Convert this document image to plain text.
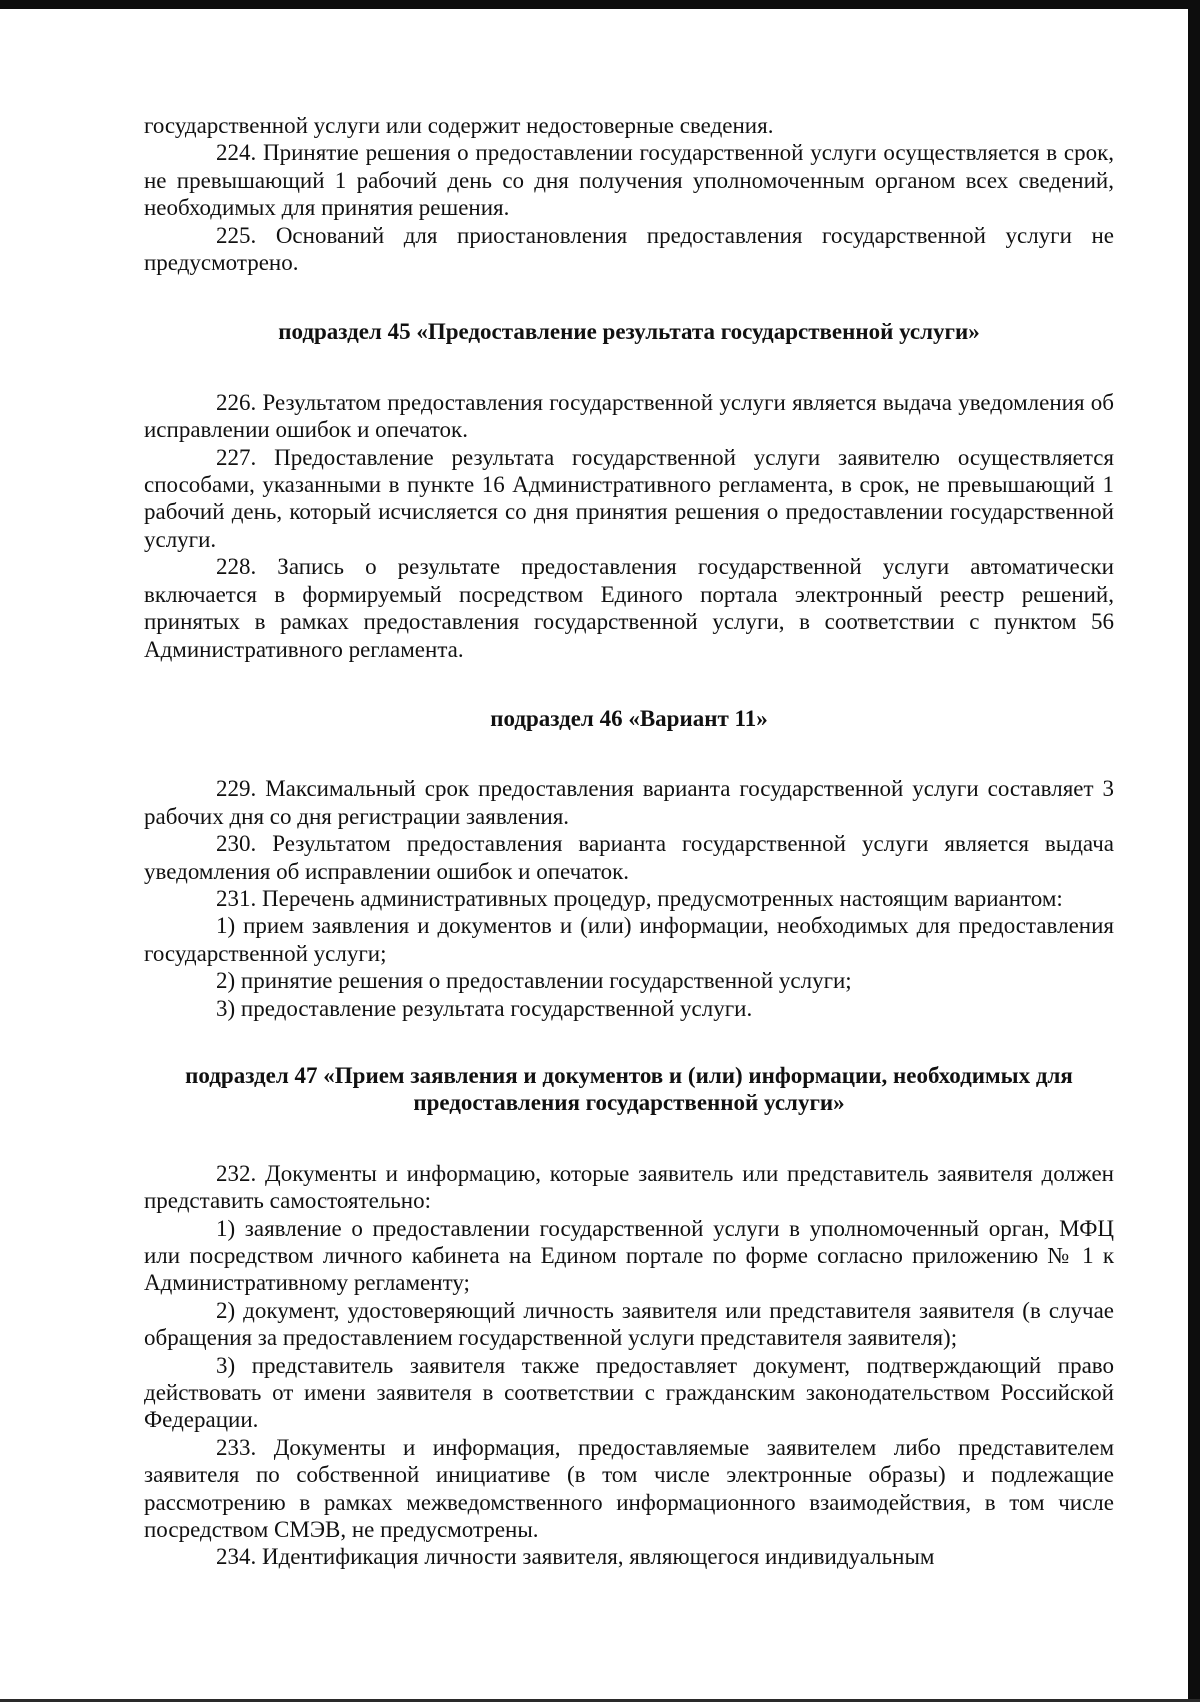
государственной услуги или содержит недостоверные сведения.

224. Принятие решения о предоставлении государственной услуги осуществляется в срок, не превышающий 1 рабочий день со дня получения уполномоченным органом всех сведений, необходимых для принятия решения.

225. Оснований для приостановления предоставления государственной услуги не предусмотрено.

подраздел 45 «Предоставление результата государственной услуги»

226. Результатом предоставления государственной услуги является выдача уведомления об исправлении ошибок и опечаток.

227. Предоставление результата государственной услуги заявителю осуществляется способами, указанными в пункте 16 Административного регламента, в срок, не превышающий 1 рабочий день, который исчисляется со дня принятия решения о предоставлении государственной услуги.

228. Запись о результате предоставления государственной услуги автоматически включается в формируемый посредством Единого портала электронный реестр решений, принятых в рамках предоставления государственной услуги, в соответствии с пунктом 56 Административного регламента.

подраздел 46 «Вариант 11»

229. Максимальный срок предоставления варианта государственной услуги составляет 3 рабочих дня со дня регистрации заявления.

230. Результатом предоставления варианта государственной услуги является выдача уведомления об исправлении ошибок и опечаток.

231. Перечень административных процедур, предусмотренных настоящим вариантом:

1) прием заявления и документов и (или) информации, необходимых для предоставления государственной услуги;

2) принятие решения о предоставлении государственной услуги;

3) предоставление результата государственной услуги.

подраздел 47 «Прием заявления и документов и (или) информации, необходимых для
предоставления государственной услуги»

232. Документы и информацию, которые заявитель или представитель заявителя должен представить самостоятельно:

1) заявление о предоставлении государственной услуги в уполномоченный орган, МФЦ или посредством личного кабинета на Едином портале по форме согласно приложению № 1 к Административному регламенту;

2) документ, удостоверяющий личность заявителя или представителя заявителя (в случае обращения за предоставлением государственной услуги представителя заявителя);

3) представитель заявителя также предоставляет документ, подтверждающий право действовать от имени заявителя в соответствии с гражданским законодательством Российской Федерации.

233. Документы и информация, предоставляемые заявителем либо представителем заявителя по собственной инициативе (в том числе электронные образы) и подлежащие рассмотрению в рамках межведомственного информационного взаимодействия, в том числе посредством СМЭВ, не предусмотрены.

234. Идентификация личности заявителя, являющегося индивидуальным
